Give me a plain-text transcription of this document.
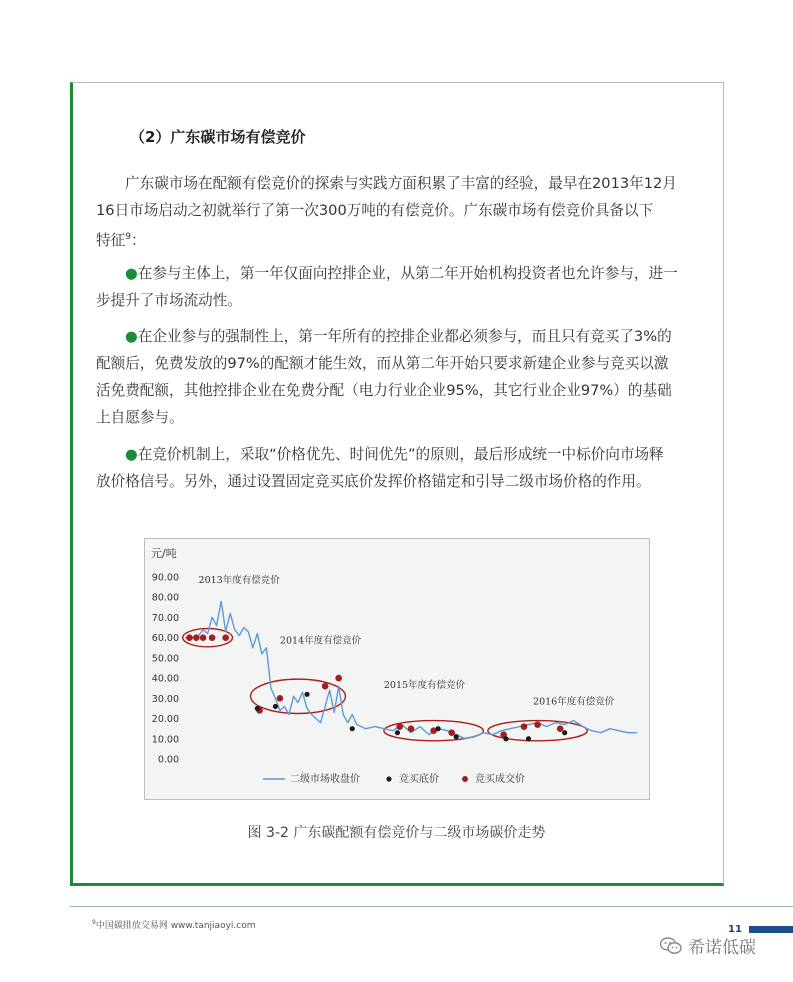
（2）广东碳市场有偿竞价
广东碳市场在配额有偿竞价的探索与实践方面积累了丰富的经验，最早在2013年12月
16日市场启动之初就举行了第一次300万吨的有偿竞价。广东碳市场有偿竞价具备以下
特征$^9$：
●在参与主体上，第一年仅面向控排企业，从第二年开始机构投资者也允许参与，进一
步提升了市场流动性。
●在企业参与的强制性上，第一年所有的控排企业都必须参与，而且只有竞买了3%的
配额后，免费发放的97%的配额才能生效，而从第二年开始只要求新建企业参与竞买以激
活免费配额，其他控排企业在免费分配（电力行业企业95%，其它行业企业97%）的基础
上自愿参与。
●在竞价机制上，采取“价格优先、时间优先”的原则，最后形成统一中标价向市场释
放价格信号。另外，通过设置固定竞买底价发挥价格锚定和引导二级市场价格的作用。
元/吨
90.00
80.00
70.00
60.00
50.00
40.00
30.00
20.00
10.00
0.00
2013年度有偿竞价
2014年度有偿竞价
2015年度有偿竞价
2016年度有偿竞价
二级市场收盘价	竞买底价	竞买成交价
图 3-2 广东碳配额有偿竞价与二级市场碳价走势
$^9$中国碳排放交易网 www.tanjiaoyi.com	11
希诺低碳
